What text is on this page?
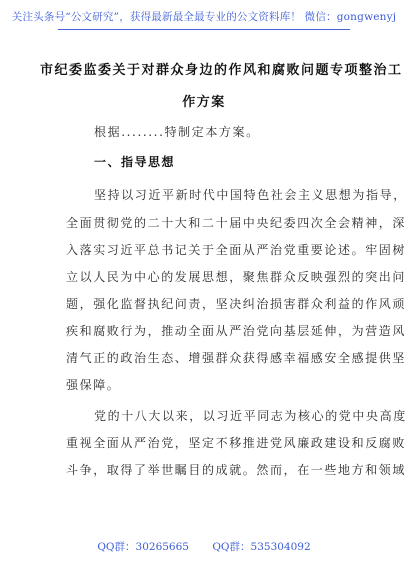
关注头条号“公文研究”，获得最新最全最专业的公文资料库！ 微信：gongwenyj
市纪委监委关于对群众身边的作风和腐败问题专项整治工
作方案
根据........特制定本方案。
一、指导思想
坚持以习近平新时代中国特色社会主义思想为指导，
全面贯彻党的二十大和二十届中央纪委四次全会精神，深
入落实习近平总书记关于全面从严治党重要论述。牢固树
立以人民为中心的发展思想，聚焦群众反映强烈的突出问
题，强化监督执纪问责，坚决纠治损害群众利益的作风顽
疾和腐败行为，推动全面从严治党向基层延伸，为营造风
清气正的政治生态、增强群众获得感幸福感安全感提供坚
强保障。
党的十八大以来，以习近平同志为核心的党中央高度
重视全面从严治党，坚定不移推进党风廉政建设和反腐败
斗争，取得了举世瞩目的成就。然而，在一些地方和领域
QQ群：30265665 QQ群：535304092
